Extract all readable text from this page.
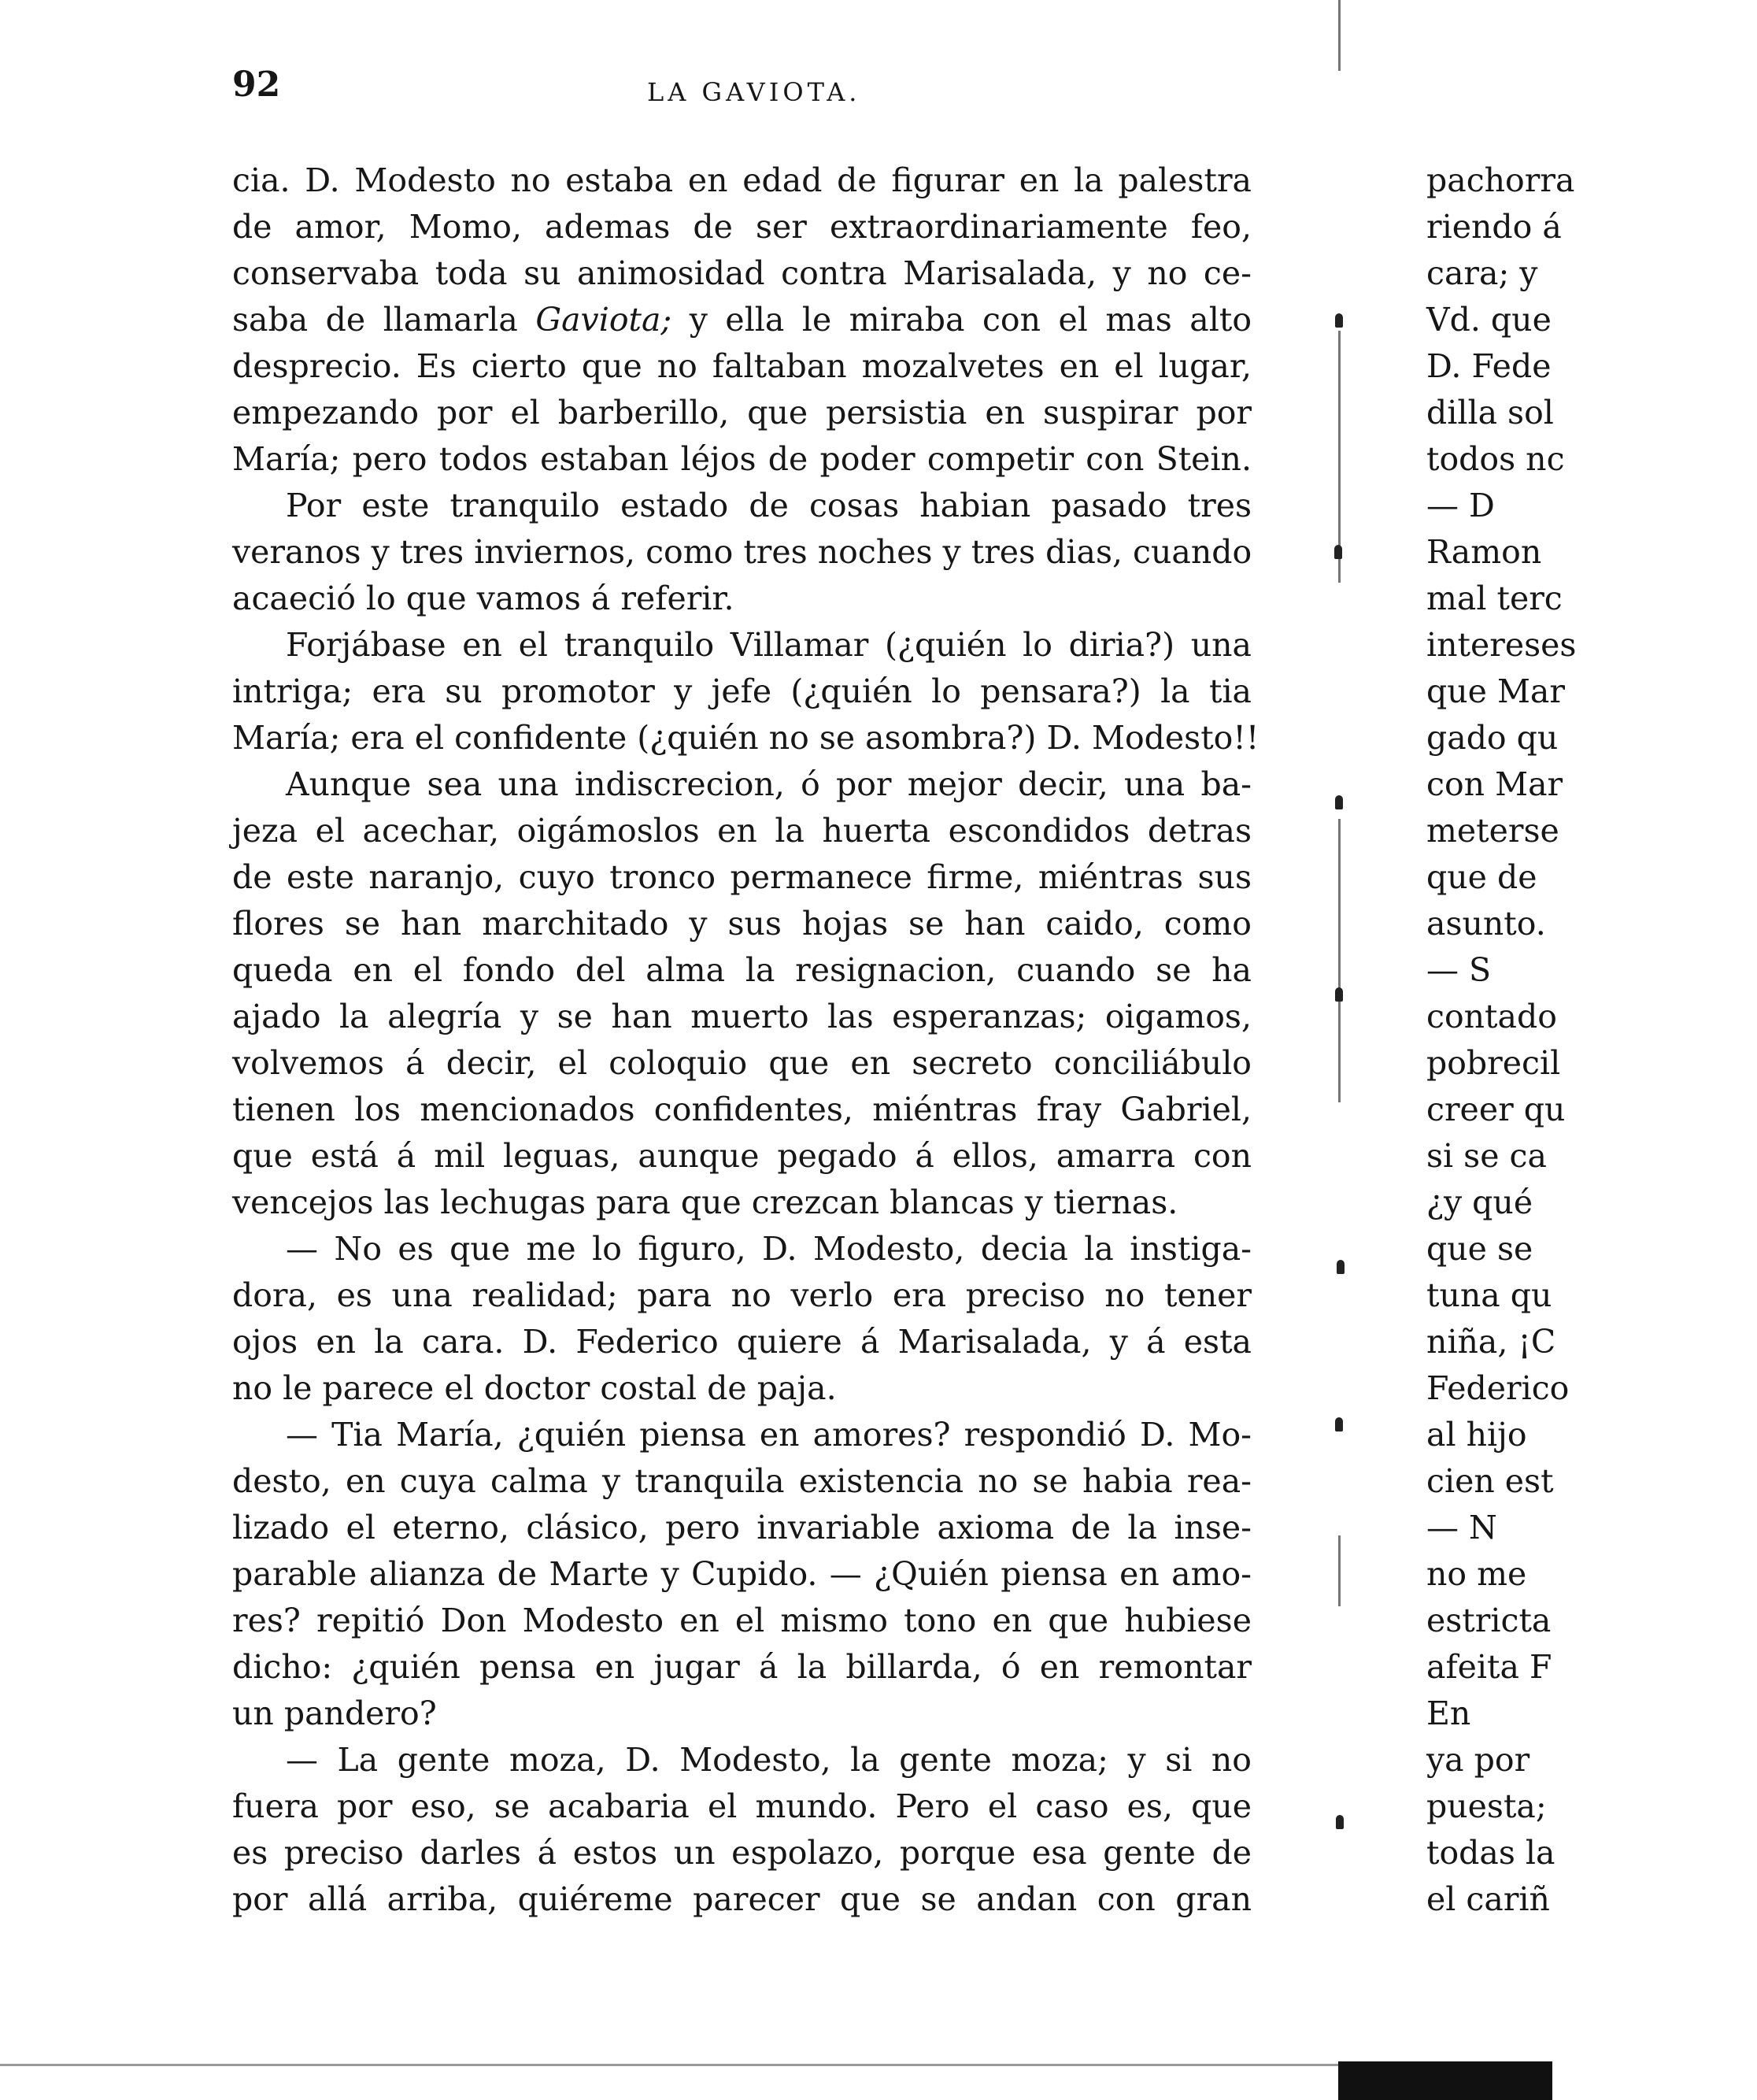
92	LA GAVIOTA.
cia. D. Modesto no estaba en edad de figurar en la palestra
de amor, Momo, ademas de ser extraordinariamente feo,
conservaba toda su animosidad contra Marisalada, y no ce-
saba de llamarla Gaviota; y ella le miraba con el mas alto
desprecio. Es cierto que no faltaban mozalvetes en el lugar,
empezando por el barberillo, que persistia en suspirar por
María; pero todos estaban léjos de poder competir con Stein.
Por este tranquilo estado de cosas habian pasado tres
veranos y tres inviernos, como tres noches y tres dias, cuando
acaeció lo que vamos á referir.
Forjábase en el tranquilo Villamar (¿quién lo diria?) una
intriga; era su promotor y jefe (¿quién lo pensara?) la tia
María; era el confidente (¿quién no se asombra?) D. Modesto!!
Aunque sea una indiscrecion, ó por mejor decir, una ba-
jeza el acechar, oigámoslos en la huerta escondidos detras
de este naranjo, cuyo tronco permanece firme, miéntras sus
flores se han marchitado y sus hojas se han caido, como
queda en el fondo del alma la resignacion, cuando se ha
ajado la alegría y se han muerto las esperanzas; oigamos,
volvemos á decir, el coloquio que en secreto conciliábulo
tienen los mencionados confidentes, miéntras fray Gabriel,
que está á mil leguas, aunque pegado á ellos, amarra con
vencejos las lechugas para que crezcan blancas y tiernas.
— No es que me lo figuro, D. Modesto, decia la instiga-
dora, es una realidad; para no verlo era preciso no tener
ojos en la cara. D. Federico quiere á Marisalada, y á esta
no le parece el doctor costal de paja.
— Tia María, ¿quién piensa en amores? respondió D. Mo-
desto, en cuya calma y tranquila existencia no se habia rea-
lizado el eterno, clásico, pero invariable axioma de la inse-
parable alianza de Marte y Cupido. — ¿Quién piensa en amo-
res? repitió Don Modesto en el mismo tono en que hubiese
dicho: ¿quién pensa en jugar á la billarda, ó en remontar
un pandero?
— La gente moza, D. Modesto, la gente moza; y si no
fuera por eso, se acabaria el mundo. Pero el caso es, que
es preciso darles á estos un espolazo, porque esa gente de
por allá arriba, quiéreme parecer que se andan con gran
pachorra
riendo á
cara; y
Vd. que
D. Fede
dilla sol
todos nc
— D
Ramon
mal terc
intereses
que Mar
gado qu
con Mar
meterse
que de
asunto.
— S
contado
pobrecil
creer qu
si se ca
¿y qué
que se
tuna qu
niña, ¡C
Federico
al hijo
cien est
— N
no me
estricta
afeita F
En
ya por
puesta;
todas la
el cariñ
